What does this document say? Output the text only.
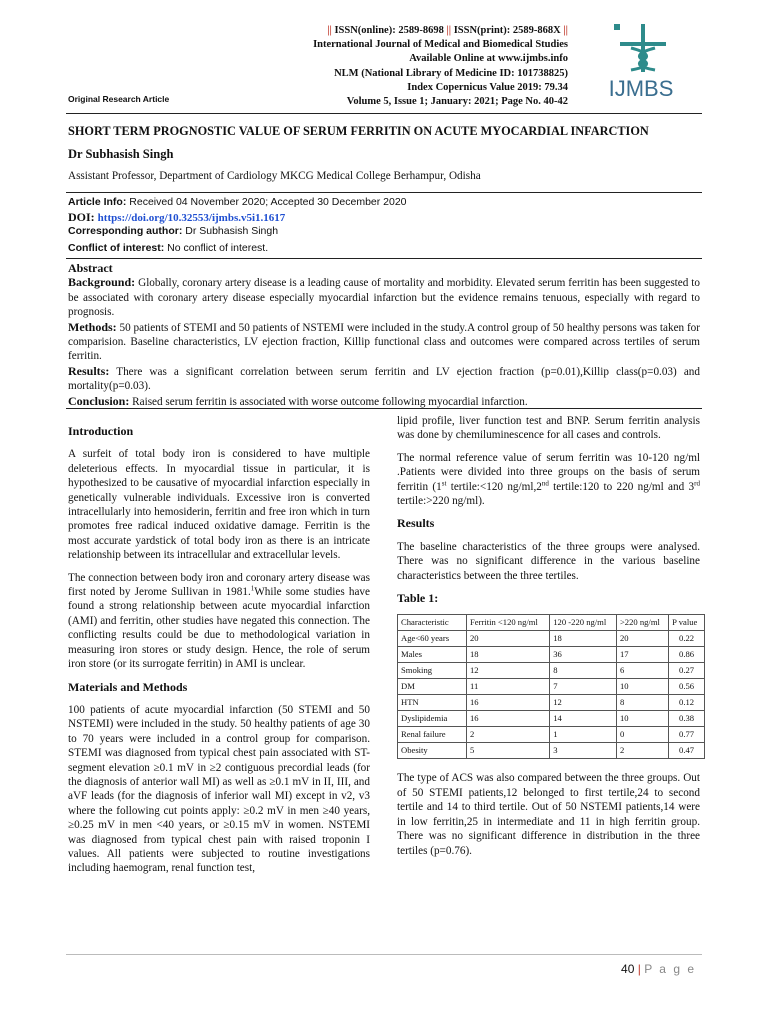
|| ISSN(online): 2589-8698 || ISSN(print): 2589-868X ||
International Journal of Medical and Biomedical Studies
Available Online at www.ijmbs.info
NLM (National Library of Medicine ID: 101738825)
Index Copernicus Value 2019: 79.34
Volume 5, Issue 1; January: 2021; Page No. 40-42
Original Research Article	IJMBS
SHORT TERM PROGNOSTIC VALUE OF SERUM FERRITIN ON ACUTE MYOCARDIAL INFARCTION
Dr Subhasish Singh
Assistant Professor, Department of Cardiology MKCG Medical College Berhampur, Odisha
Article Info: Received 04 November 2020; Accepted 30 December 2020
DOI: https://doi.org/10.32553/ijmbs.v5i1.1617
Corresponding author: Dr Subhasish Singh
Conflict of interest: No conflict of interest.

Abstract

Background: Globally, coronary artery disease is a leading cause of mortality and morbidity. Elevated serum ferritin has been suggested to be associated with coronary artery disease especially myocardial infarction but the evidence remains tenuous, especially with regard to prognosis.

Methods: 50 patients of STEMI and 50 patients of NSTEMI were included in the study.A control group of 50 healthy persons was taken for comparision. Baseline characteristics, LV ejection fraction, Killip functional class and outcomes were compared across tertiles of serum ferritin.

Results: There was a significant correlation between serum ferritin and LV ejection fraction (p=0.01),Killip class(p=0.03) and mortality(p=0.03).

Conclusion: Raised serum ferritin is associated with worse outcome following myocardial infarction.

Introduction

A surfeit of total body iron is considered to have multiple deleterious effects. In myocardial tissue in particular, it is hypothesized to be causative of myocardial infarction especially in genetically vulnerable individuals. Excessive iron is converted intracellularly into hemosiderin, ferritin and free iron which in turn promotes free radical induced oxidative damage. Ferritin is the most accurate yardstick of total body iron as there is an intricate relationship between its intracellular and extracellular levels.

The connection between body iron and coronary artery disease was first noted by Jerome Sullivan in 1981.$^1$While some studies have found a strong relationship between acute myocardial infarction (AMI) and ferritin, other studies have negated this connection. The conflicting results could be due to methodological variation in measuring iron stores or study design. Hence, the role of serum iron store (or its surrogate ferritin) in AMI is unclear.

Materials and Methods

100 patients of acute myocardial infarction (50 STEMI and 50 NSTEMI) were included in the study. 50 healthy patients of age 30 to 70 years were included in a control group for comparison. STEMI was diagnosed from typical chest pain associated with ST-segment elevation ≥0.1 mV in ≥2 contiguous precordial leads (for the diagnosis of anterior wall MI) as well as ≥0.1 mV in II, III, and aVF leads (for the diagnosis of inferior wall MI) except in v2, v3 where the following cut points apply: ≥0.2 mV in men ≥40 years, ≥0.25 mV in men <40 years, or ≥0.15 mV in women. NSTEMI was diagnosed from typical chest pain with raised troponin I values. All patients were subjected to routine investigations including haemogram, renal function test,

lipid profile, liver function test and BNP. Serum ferritin analysis was done by chemiluminescence for all cases and controls.

The normal reference value of serum ferritin was 10-120 ng/ml .Patients were divided into three groups on the basis of serum ferritin (1st tertile:<120 ng/ml,2nd tertile:120 to 220 ng/ml and 3rd tertile:>220 ng/ml).

Results

The baseline characteristics of the three groups were analysed. There was no significant difference in the various baseline characteristics between the three tertiles.

Table 1:
Characteristic	Ferritin <120 ng/ml	120 -220 ng/ml	>220 ng/ml	P value
Age<60 years	20	18	20	0.22
Males	18	36	17	0.86
Smoking	12	8	6	0.27
DM	11	7	10	0.56
HTN	16	12	8	0.12
Dyslipidemia	16	14	10	0.38
Renal failure	2	1	0	0.77
Obesity	5	3	2	0.47

The type of ACS was also compared between the three groups. Out of 50 STEMI patients,12 belonged to first tertile,24 to second tertile and 14 to third tertile. Out of 50 NSTEMI patients,14 were in low ferritin,25 in intermediate and 11 in high ferritin group. There was no significant difference in distribution in the three tertiles (p=0.76).

40 | P a g e
